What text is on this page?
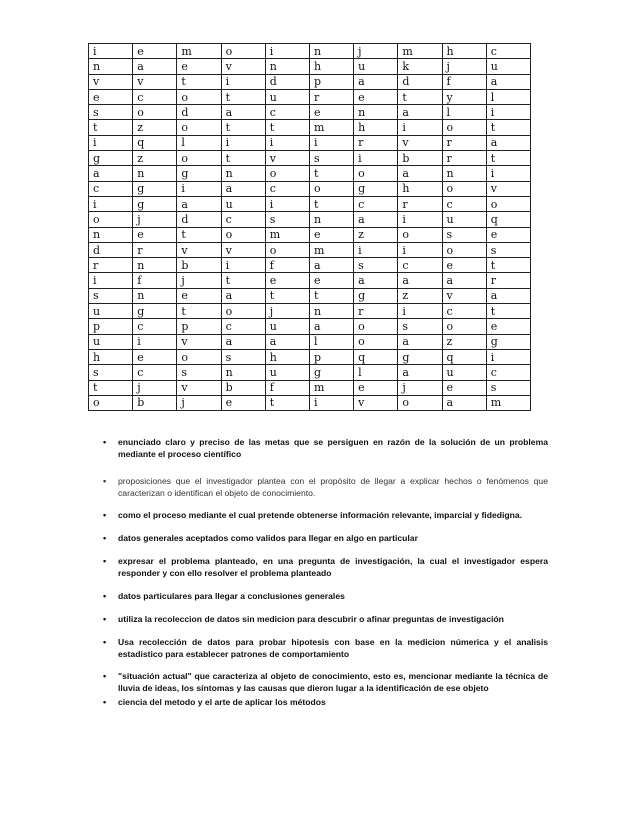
i	e	m	o	i	n	j	m	h	c
n	a	e	v	n	h	u	k	j	u
v	v	t	i	d	p	a	d	f	a
e	c	o	t	u	r	e	t	y	l
s	o	d	a	c	e	n	a	l	i
t	z	o	t	t	m	h	i	o	t
i	q	l	i	i	i	r	v	r	a
g	z	o	t	v	s	i	b	r	t
a	n	g	n	o	t	o	a	n	i
c	g	i	a	c	o	g	h	o	v
i	g	a	u	i	t	c	r	c	o
o	j	d	c	s	n	a	i	u	q
n	e	t	o	m	e	z	o	s	e
d	r	v	v	o	m	i	i	o	s
r	n	b	i	f	a	s	c	e	t
i	f	j	t	e	e	a	a	a	r
s	n	e	a	t	t	g	z	v	a
u	g	t	o	j	n	r	i	c	t
p	c	p	c	u	a	o	s	o	e
u	i	v	a	a	l	o	a	z	g
h	e	o	s	h	p	q	g	q	i
s	c	s	n	u	g	l	a	u	c
t	j	v	b	f	m	e	j	e	s
o	b	j	e	t	i	v	o	a	m
• enunciado claro y preciso de las metas que se persiguen en razón de la solución de un problema mediante el proceso científico
• proposiciones que el investigador plantea con el propósito de llegar a explicar hechos o fenómenos que caracterizan o identifican el objeto de conocimiento.
• como el proceso mediante el cual pretende obtenerse información relevante, imparcial y fidedigna.
• datos generales aceptados como validos para llegar en algo en particular
• expresar el problema planteado, en una pregunta de investigación, la cual el investigador espera responder y con ello resolver el problema planteado
• datos particulares para llegar a conclusiones generales
• utiliza la recoleccion de datos sin medicion para descubrir o afinar preguntas de investigación
• Usa recolección de datos para probar hipotesis con base en la medicion númerica y el analisis estadistico para establecer patrones de comportamiento
• "situación actual" que caracteriza al objeto de conocimiento, esto es, mencionar mediante la técnica de lluvia de ideas, los síntomas y las causas que dieron lugar a la identificación de ese objeto
• ciencia del metodo y el arte de aplicar los métodos
